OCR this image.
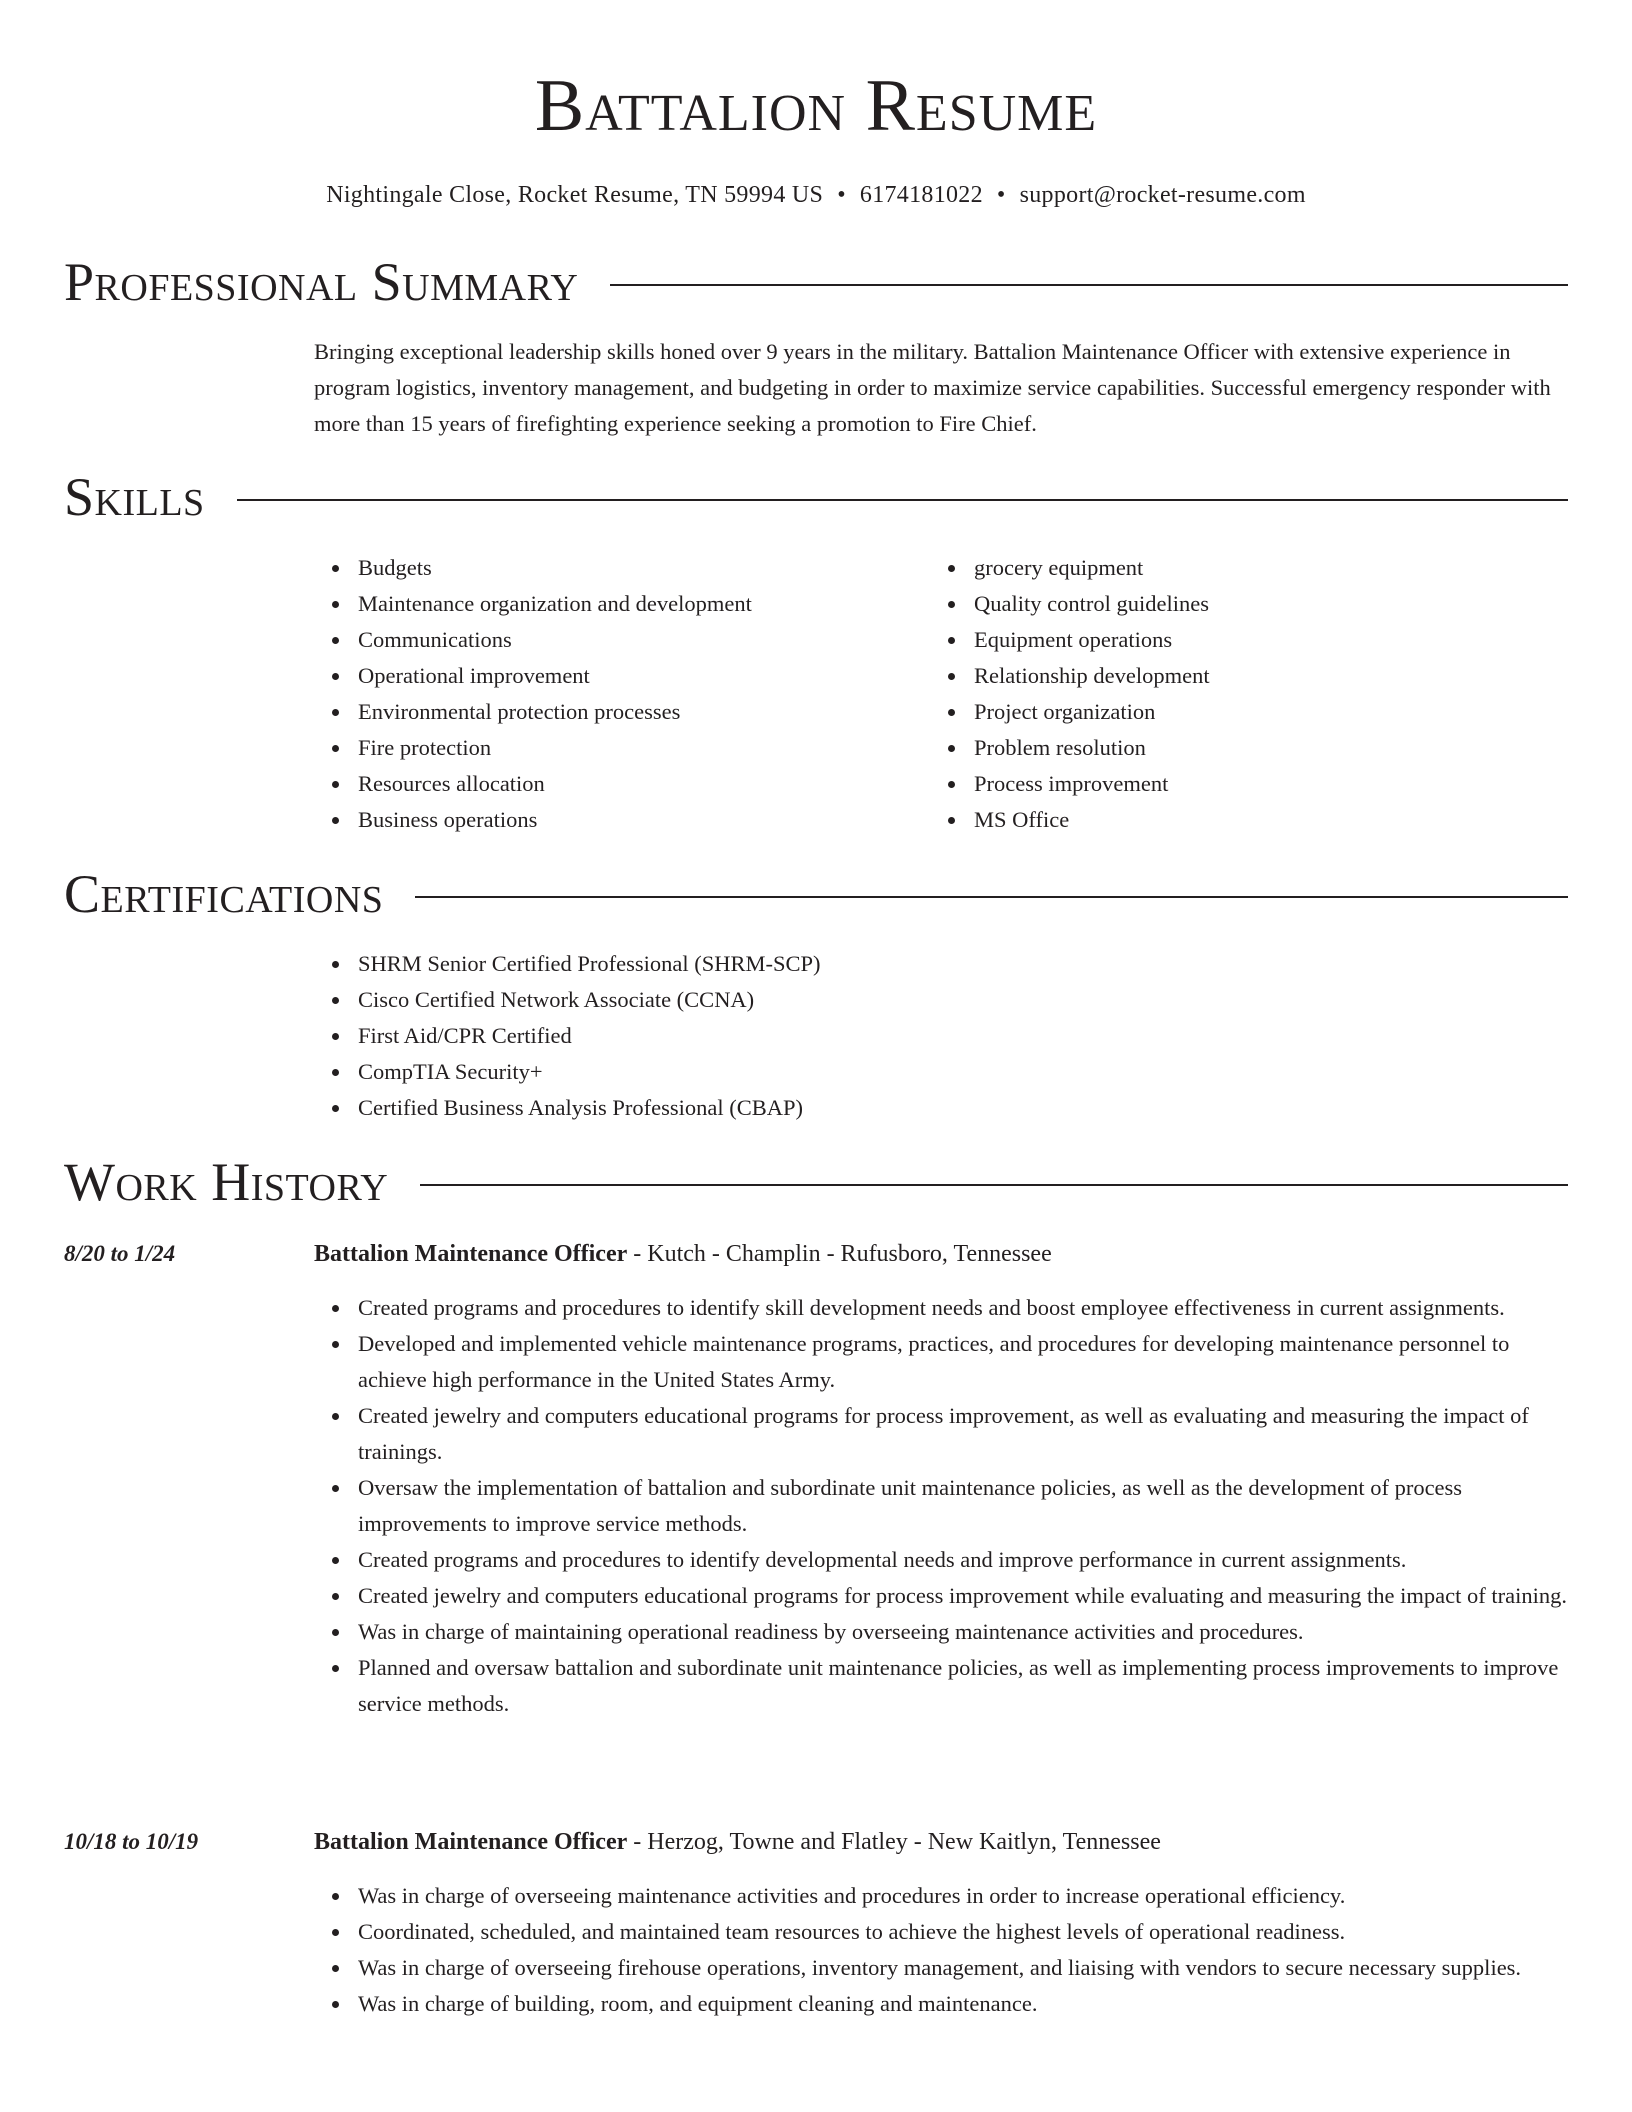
Battalion Resume
Nightingale Close, Rocket Resume, TN 59994 US • 6174181022 • support@rocket-resume.com
Professional Summary
Bringing exceptional leadership skills honed over 9 years in the military. Battalion Maintenance Officer with extensive experience in program logistics, inventory management, and budgeting in order to maximize service capabilities. Successful emergency responder with more than 15 years of firefighting experience seeking a promotion to Fire Chief.
Skills
Budgets
Maintenance organization and development
Communications
Operational improvement
Environmental protection processes
Fire protection
Resources allocation
Business operations
grocery equipment
Quality control guidelines
Equipment operations
Relationship development
Project organization
Problem resolution
Process improvement
MS Office
Certifications
SHRM Senior Certified Professional (SHRM-SCP)
Cisco Certified Network Associate (CCNA)
First Aid/CPR Certified
CompTIA Security+
Certified Business Analysis Professional (CBAP)
Work History
8/20 to 1/24	Battalion Maintenance Officer - Kutch - Champlin - Rufusboro, Tennessee
Created programs and procedures to identify skill development needs and boost employee effectiveness in current assignments.
Developed and implemented vehicle maintenance programs, practices, and procedures for developing maintenance personnel to achieve high performance in the United States Army.
Created jewelry and computers educational programs for process improvement, as well as evaluating and measuring the impact of trainings.
Oversaw the implementation of battalion and subordinate unit maintenance policies, as well as the development of process improvements to improve service methods.
Created programs and procedures to identify developmental needs and improve performance in current assignments.
Created jewelry and computers educational programs for process improvement while evaluating and measuring the impact of training.
Was in charge of maintaining operational readiness by overseeing maintenance activities and procedures.
Planned and oversaw battalion and subordinate unit maintenance policies, as well as implementing process improvements to improve service methods.
10/18 to 10/19	Battalion Maintenance Officer - Herzog, Towne and Flatley - New Kaitlyn, Tennessee
Was in charge of overseeing maintenance activities and procedures in order to increase operational efficiency.
Coordinated, scheduled, and maintained team resources to achieve the highest levels of operational readiness.
Was in charge of overseeing firehouse operations, inventory management, and liaising with vendors to secure necessary supplies.
Was in charge of building, room, and equipment cleaning and maintenance.
